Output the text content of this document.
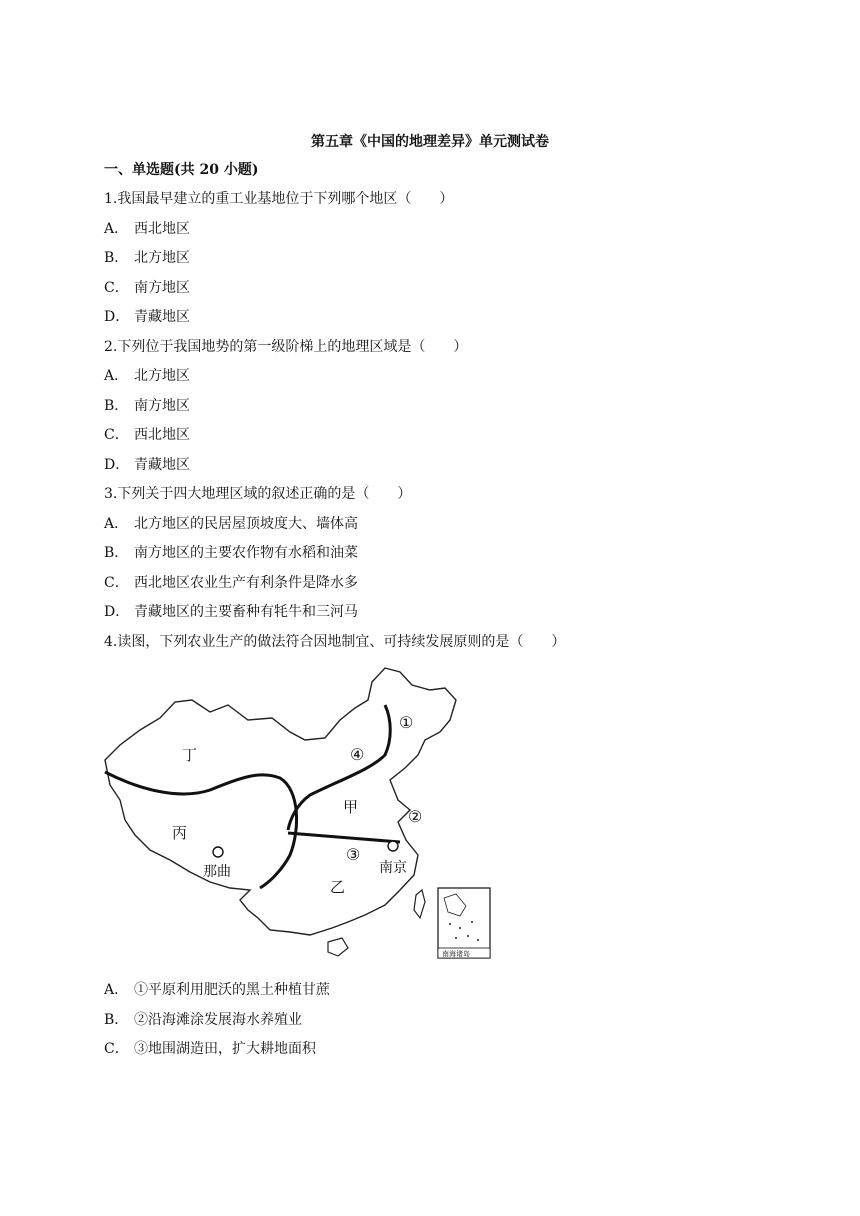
第五章《中国的地理差异》单元测试卷
一、单选题(共 20 小题)
1.我国最早建立的重工业基地位于下列哪个地区（　　）
A． 西北地区
B． 北方地区
C． 南方地区
D． 青藏地区
2.下列位于我国地势的第一级阶梯上的地理区域是（　　）
A． 北方地区
B． 南方地区
C． 西北地区
D． 青藏地区
3.下列关于四大地理区域的叙述正确的是（　　）
A． 北方地区的民居屋顶坡度大、墙体高
B． 南方地区的主要农作物有水稻和油菜
C． 西北地区农业生产有利条件是降水多
D． 青藏地区的主要畜种有牦牛和三河马
4.读图，下列农业生产的做法符合因地制宜、可持续发展原则的是（　　）
丁
丙
甲
乙
那曲	南京
①
②
③
④
南海诸岛
A． ①平原利用肥沃的黑土种植甘蔗
B． ②沿海滩涂发展海水养殖业
C． ③地围湖造田，扩大耕地面积
